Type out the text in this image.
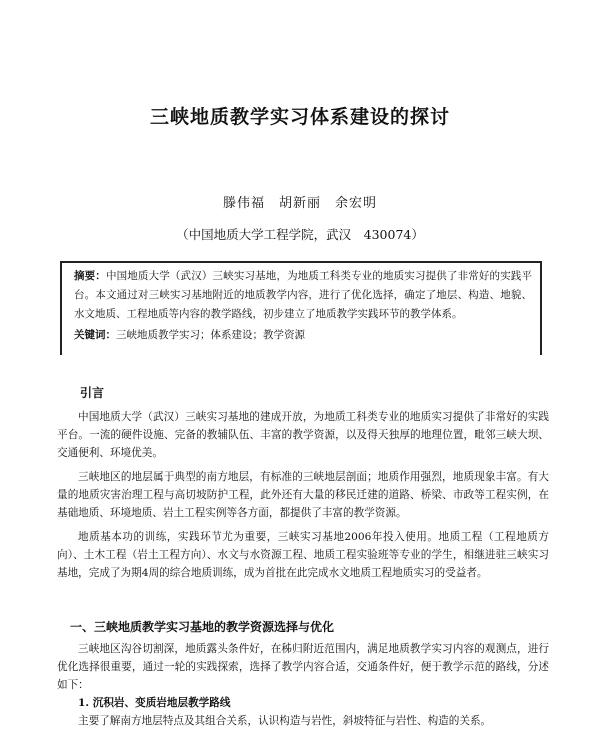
三峡地质教学实习体系建设的探讨
滕伟福　胡新丽　余宏明
（中国地质大学工程学院，武汉　430074）
摘要：中国地质大学（武汉）三峡实习基地，为地质工科类专业的地质实习提供了非常好的实践平台。本文通过对三峡实习基地附近的地质教学内容，进行了优化选择，确定了地层、构造、地貌、水文地质、工程地质等内容的教学路线，初步建立了地质教学实践环节的教学体系。
关键词：三峡地质教学实习；体系建设；教学资源
引言

中国地质大学（武汉）三峡实习基地的建成开放，为地质工科类专业的地质实习提供了非常好的实践平台。一流的硬件设施、完备的教辅队伍、丰富的教学资源，以及得天独厚的地理位置，毗邻三峡大坝、交通便利、环境优美。

三峡地区的地层属于典型的南方地层，有标准的三峡地层剖面；地质作用强烈，地质现象丰富。有大量的地质灾害治理工程与高切坡防护工程，此外还有大量的移民迁建的道路、桥梁、市政等工程实例，在基础地质、环境地质、岩土工程实例等各方面，都提供了丰富的教学资源。

地质基本功的训练，实践环节尤为重要，三峡实习基地2006年投入使用。地质工程（工程地质方向）、土木工程（岩土工程方向）、水文与水资源工程、地质工程实验班等专业的学生，相继进驻三峡实习基地，完成了为期4周的综合地质训练，成为首批在此完成水文地质工程地质实习的受益者。

一、三峡地质教学实习基地的教学资源选择与优化

三峡地区沟谷切割深，地质露头条件好，在秭归附近范围内，满足地质教学实习内容的观测点，进行优化选择很重要，通过一轮的实践探索，选择了教学内容合适，交通条件好，便于教学示范的路线，分述如下：

1. 沉积岩、变质岩地层教学路线
主要了解南方地层特点及其组合关系，认识构造与岩性，斜坡特征与岩性、构造的关系。
